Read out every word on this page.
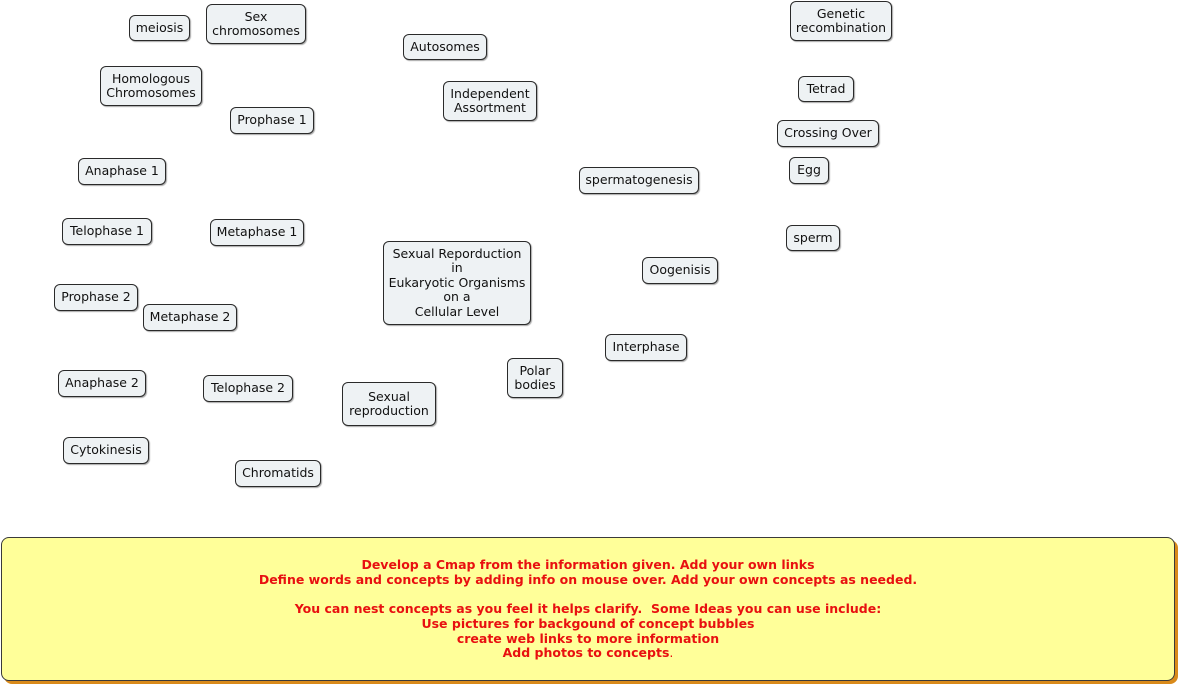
meiosis
Sex
chromosomes
Autosomes
Genetic
recombination
Homologous
Chromosomes	Independent
Assortment
Tetrad
Prophase 1
Crossing Over
Anaphase 1	Egg
spermatogenesis
Telophase 1	Metaphase 1	sperm
Sexual Reporduction
in
Eukaryotic Organisms
on a
Cellular Level
Oogenisis
Prophase 2
Metaphase 2
Interphase
Polar
bodies
Anaphase 2	Telophase 2
Sexual
reproduction
Cytokinesis
Chromatids
Develop a Cmap from the information given. Add your own links
Define words and concepts by adding info on mouse over. Add your own concepts as needed.
You can nest concepts as you feel it helps clarify.  Some Ideas you can use include:
Use pictures for backgound of concept bubbles
create web links to more information
Add photos to concepts.
